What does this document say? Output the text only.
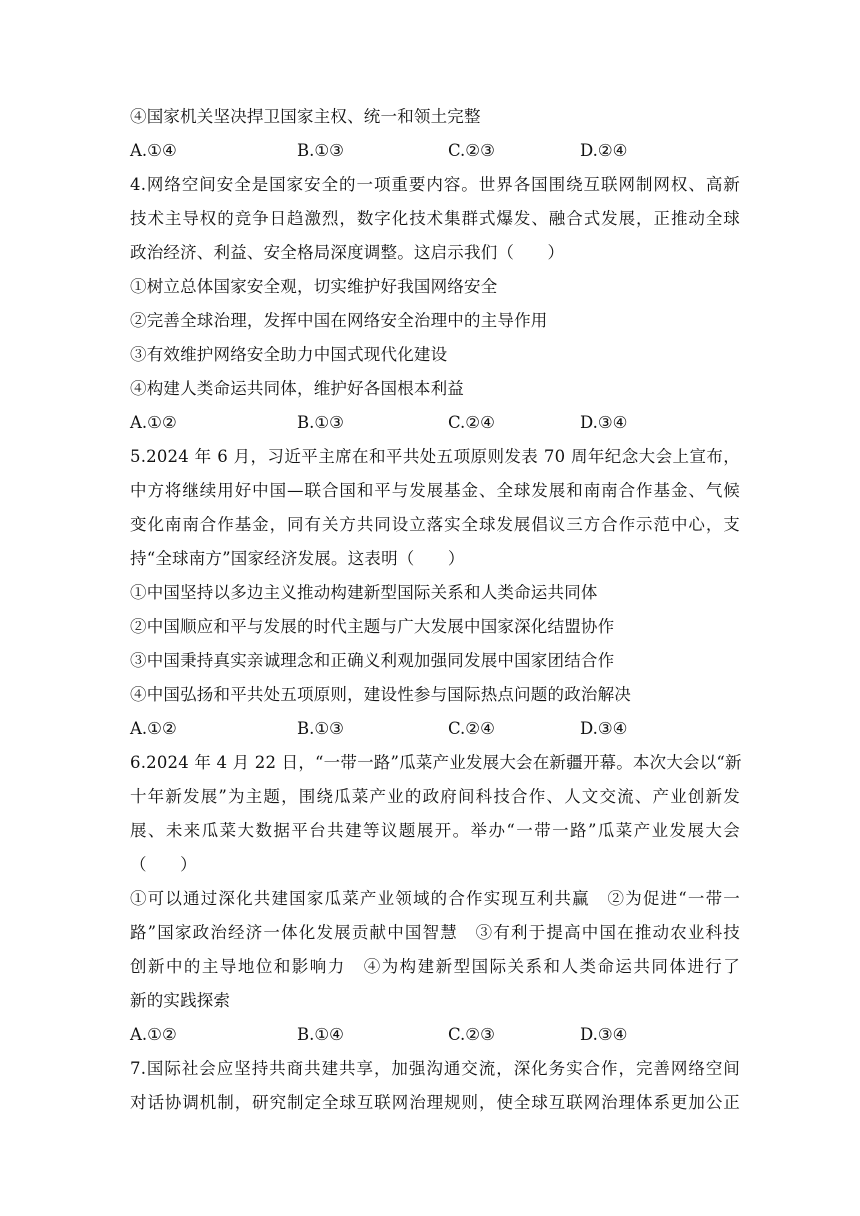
④国家机关坚决捍卫国家主权、统一和领土完整
A.①④	B.①③	C.②③	D.②④
4.网络空间安全是国家安全的一项重要内容。世界各国围绕互联网制网权、高新
技术主导权的竞争日趋激烈，数字化技术集群式爆发、融合式发展，正推动全球
政治经济、利益、安全格局深度调整。这启示我们（　　）
①树立总体国家安全观，切实维护好我国网络安全
②完善全球治理，发挥中国在网络安全治理中的主导作用
③有效维护网络安全助力中国式现代化建设
④构建人类命运共同体，维护好各国根本利益
A.①②	B.①③	C.②④	D.③④
5.2024 年 6 月，习近平主席在和平共处五项原则发表 70 周年纪念大会上宣布，
中方将继续用好中国—联合国和平与发展基金、全球发展和南南合作基金、气候
变化南南合作基金，同有关方共同设立落实全球发展倡议三方合作示范中心，支
持“全球南方”国家经济发展。这表明（　　）
①中国坚持以多边主义推动构建新型国际关系和人类命运共同体
②中国顺应和平与发展的时代主题与广大发展中国家深化结盟协作
③中国秉持真实亲诚理念和正确义利观加强同发展中国家团结合作
④中国弘扬和平共处五项原则，建设性参与国际热点问题的政治解决
A.①②	B.①③	C.②④	D.③④
6.2024 年 4 月 22 日，“一带一路”瓜菜产业发展大会在新疆开幕。本次大会以“新
十年新发展”为主题，围绕瓜菜产业的政府间科技合作、人文交流、产业创新发
展、未来瓜菜大数据平台共建等议题展开。举办“一带一路”瓜菜产业发展大会
（　　）
①可以通过深化共建国家瓜菜产业领域的合作实现互利共赢　②为促进“一带一
路”国家政治经济一体化发展贡献中国智慧　③有利于提高中国在推动农业科技
创新中的主导地位和影响力　④为构建新型国际关系和人类命运共同体进行了
新的实践探索
A.①②	B.①④	C.②③	D.③④
7.国际社会应坚持共商共建共享，加强沟通交流，深化务实合作，完善网络空间
对话协调机制，研究制定全球互联网治理规则，使全球互联网治理体系更加公正
